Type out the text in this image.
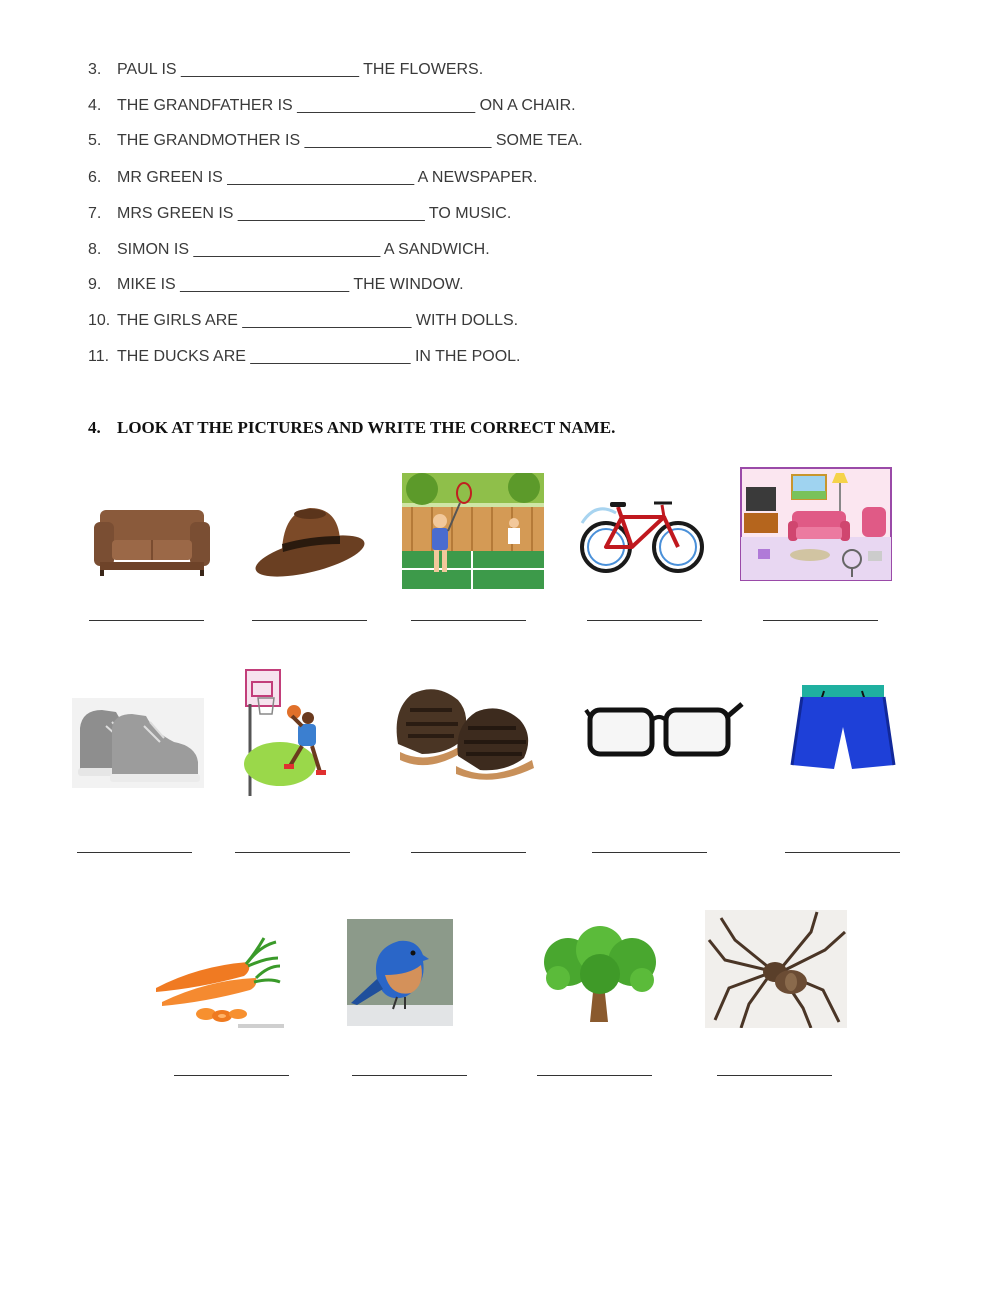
3. PAUL IS ____________________ THE FLOWERS.
4. THE GRANDFATHER IS ____________________ ON A CHAIR.
5. THE GRANDMOTHER IS _____________________ SOME TEA.
6. MR GREEN IS _____________________ A NEWSPAPER.
7. MRS GREEN IS _____________________ TO MUSIC.
8. SIMON IS _____________________ A SANDWICH.
9. MIKE IS ___________________ THE WINDOW.
10. THE GIRLS ARE ___________________ WITH DOLLS.
11. THE DUCKS ARE __________________ IN THE POOL.
4. LOOK AT THE PICTURES AND WRITE THE CORRECT NAME.
